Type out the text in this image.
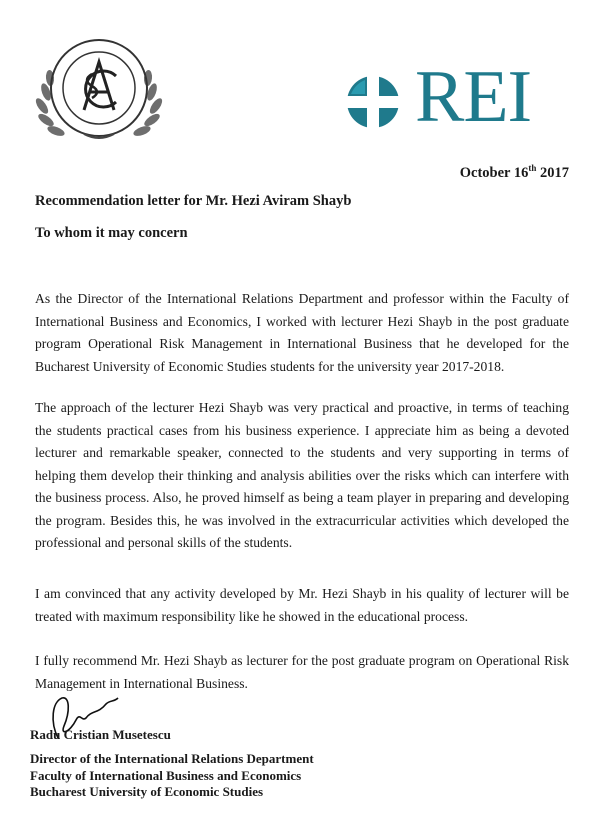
REI
October 16th 2017
Recommendation letter for Mr. Hezi Aviram Shayb
To whom it may concern
As the Director of the International Relations Department and professor within the Faculty of International Business and Economics, I worked with lecturer Hezi Shayb in the post graduate program Operational Risk Management in International Business that he developed for the Bucharest University of Economic Studies students for the university year 2017-2018.
The approach of the lecturer Hezi Shayb was very practical and proactive, in terms of teaching the students practical cases from his business experience. I appreciate him as being a devoted lecturer and remarkable speaker, connected to the students and very supporting in terms of helping them develop their thinking and analysis abilities over the risks which can interfere with the business process. Also, he proved himself as being a team player in preparing and developing the program. Besides this, he was involved in the extracurricular activities which developed the professional and personal skills of the students.
I am convinced that any activity developed by Mr. Hezi Shayb in his quality of lecturer will be treated with maximum responsibility like he showed in the educational process.
I fully recommend Mr. Hezi Shayb as lecturer for the post graduate program on Operational Risk Management in International Business.
Radu Cristian Musetescu
Director of the International Relations Department
Faculty of International Business and Economics
Bucharest University of Economic Studies
